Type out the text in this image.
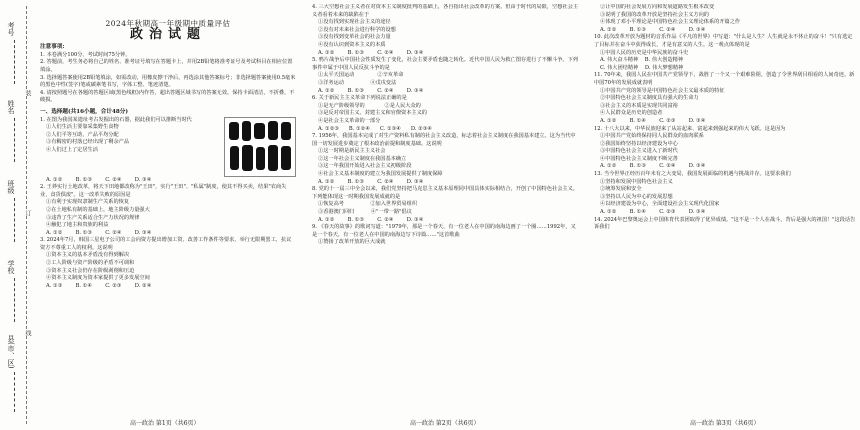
考号
姓名
班级
学校
县(市、区)
装
订
线
2024年秋期高一年级期中质量评估
政治试题

注意事项:

1. 本卷满分100分，考试时间75分钟。

2. 答题前，考生务必将自己的姓名、准考证号填写在答题卡上，并用2B铅笔将准考证号及考试科目在相应位置填涂。

3. 选择题答案使用2B铅笔填涂，如需改动，用橡皮擦干净后，再选涂其他答案标号；非选择题答案使用0.5毫米的黑色中性(签字)笔或碳素笔书写，字体工整、笔迹清楚。

4. 请按照题号在各题的答题区域(黑色线框)内作答，超出答题区域书写的答案无效。保持卡面清洁，不折叠，不破损。

一、选择题(共16小题，合计48分)

1. 在图为我国某遗址考古发掘出的石器，据此我们可以推断当时代

①人们生活主要靠采集野生食物

②人们平等互助，产品平均分配

③有稠密的村落已经出现了剩余产品

④人们过上了定居生活

A. ①②	B. ①③	C. ②④	D. ③④

2. 王莽实行土地改革，将天下田地都改称为"王田"，实行"王田"、"私属"制度，使其不得买卖，结果"农商失业，食货俱废"。这一改革失败的原因是

①有利于实现奴隶制生产关系的恢复

②在土地私有制的基础上，地主阶级力量强大

③违背了生产关系适合生产力状况的规律

④触犯了地主和贵族的利益

A. ①②	B. ①③	C. ②④	D. ③④

3. 2024年7月，韩国三星电子公司的工会向资方提出增加工资、改善工作条件等要求，举行无限期罢工，抗议资方不尊重工人的权利。这说明

①资本主义的基本矛盾没有得到解决

②工人阶级与资产阶级的矛盾不可调和

③资本主义社会仍存在阶级剥削和压迫

④资本主义制度为资本家提供了更多发展空间

A. ①③	B. ①④	C. ②③	D. ②④

高一政治 第1页（共6页）

4. 三大空想社会主义者在对资本主义制度批判的基础上，各自指出社会改革的方案。但由于时代的局限，空想社会主义者看着未来的缺陷在于

①没有找到实现社会主义的途径

②没有对未来社会进行科学的设想

③没有找到变革社会的社会力量

④没有认识到资本主义的本质

A. ①②	B. ①③	C. ②④	D. ③④

5. 鸦片战争后中国社会性质发生了变化，社会主要矛盾也随之转化。近代中国人民为救亡图存进行了不懈斗争。下列事件中属于中国人民反抗斗争的是

①太平天国运动	②辛亥革命

③洋务运动	④戊戌变法

A. ①②	B. ①③	C. ②④	D. ③④

6. 关于新民主主义革命下列说法正确的是

①是无产阶级领导的	②是人民大众的

③是反对帝国主义、封建主义和官僚资本主义的

④是社会主义革命的一部分

A. ①②③ B. ①②④ C. ①③④ D. ②③④

7. 1956年，我国基本完成了对生产资料私有制的社会主义改造，标志着社会主义制度在我国基本建立。这为当代中国一切发展进步奠定了根本政治前提和制度基础。这说明

①这一时期是新民主主义社会

②这一年社会主义制度在我国基本确立

③这一年我国开始进入社会主义初级阶段

④社会主义基本制度的建立为我国发展提供了制度保障

A. ①②	B. ①③	C. ②④	D. ③④

8. 党的十一届三中全会以来，我们党坚持把马克思主义基本原理同中国具体实际相结合，开创了中国特色社会主义。下列能体现这一时期我国发展成就的是

①恢复高考	②加入世界贸易组织

③香港澳门回归	④"一带一路"倡议

A. ①②	B. ①③	C. ②④	D. ③④

9. 《春天的故事》的歌词写道："1979年，那是一个春天，有一位老人在中国的南海边画了一个圈……1992年，又是一个春天，有一位老人在中国的南海边写下诗篇……"这首歌曲

①赞扬了改革开放的巨大成就

高一政治 第2页（共6页）

②让中国的社会发展方向和发展道路发生根本改变

③说明了我国的改革开放是坚持社会主义方向的

④体现了邓小平理论是中国特色社会主义理论体系的开篇之作

A. ①②	B. ①③	C. ②④	D. ③④

10. 此次改革开放为题材的音乐作品《平凡的世界》中写道："什么是人生？人生就是永不休止的奋斗！"只有选定了目标并在奋斗中获得成长，才是有意义的人生。这一观点体现的是

①中国人民的历史是中华民族的奋斗史

A. 伟大奋斗精神 B. 伟大创造精神

C. 伟大团结精神 D. 伟大梦想精神

11. 70年来，我国人民在中国共产党领导下，战胜了一个又一个艰难险阻，创造了令世界刮目相看的人间奇迹。新中国70年的发展成就表明

①中国共产党的领导是中国特色社会主义最本质的特征

②中国特色社会主义制度具有强大的生命力

③社会主义的本质是实现共同富裕

④人民群众是历史的创造者

A. ①②	B. ①④	C. ②③	D. ③④

12. 十八大以来，中华民族迎来了从站起来、富起来到强起来的伟大飞跃。这是因为

①中国共产党始终保持同人民群众的血肉联系

②我国始终坚持以经济建设为中心

③中国特色社会主义进入了新时代

④中国特色社会主义制度不断完善

A. ①②	B. ①③	C. ②④	D. ③④

13. 当今世界正经历百年未有之大变局，我国发展面临的机遇与挑战并存。这要求我们

①坚持和发展中国特色社会主义

②统筹发展和安全

③坚持以人民为中心的发展思想

④以经济建设为中心，全面建设社会主义现代化国家

A. ①②	B. ①④	C. ②③	D. ③④

14. 2024年巴黎奥运会上中国体育代表团取得了优异成绩。"这不是一个人在战斗，背后是强大的祖国！"这段话告诉我们

高一政治 第3页（共6页）
